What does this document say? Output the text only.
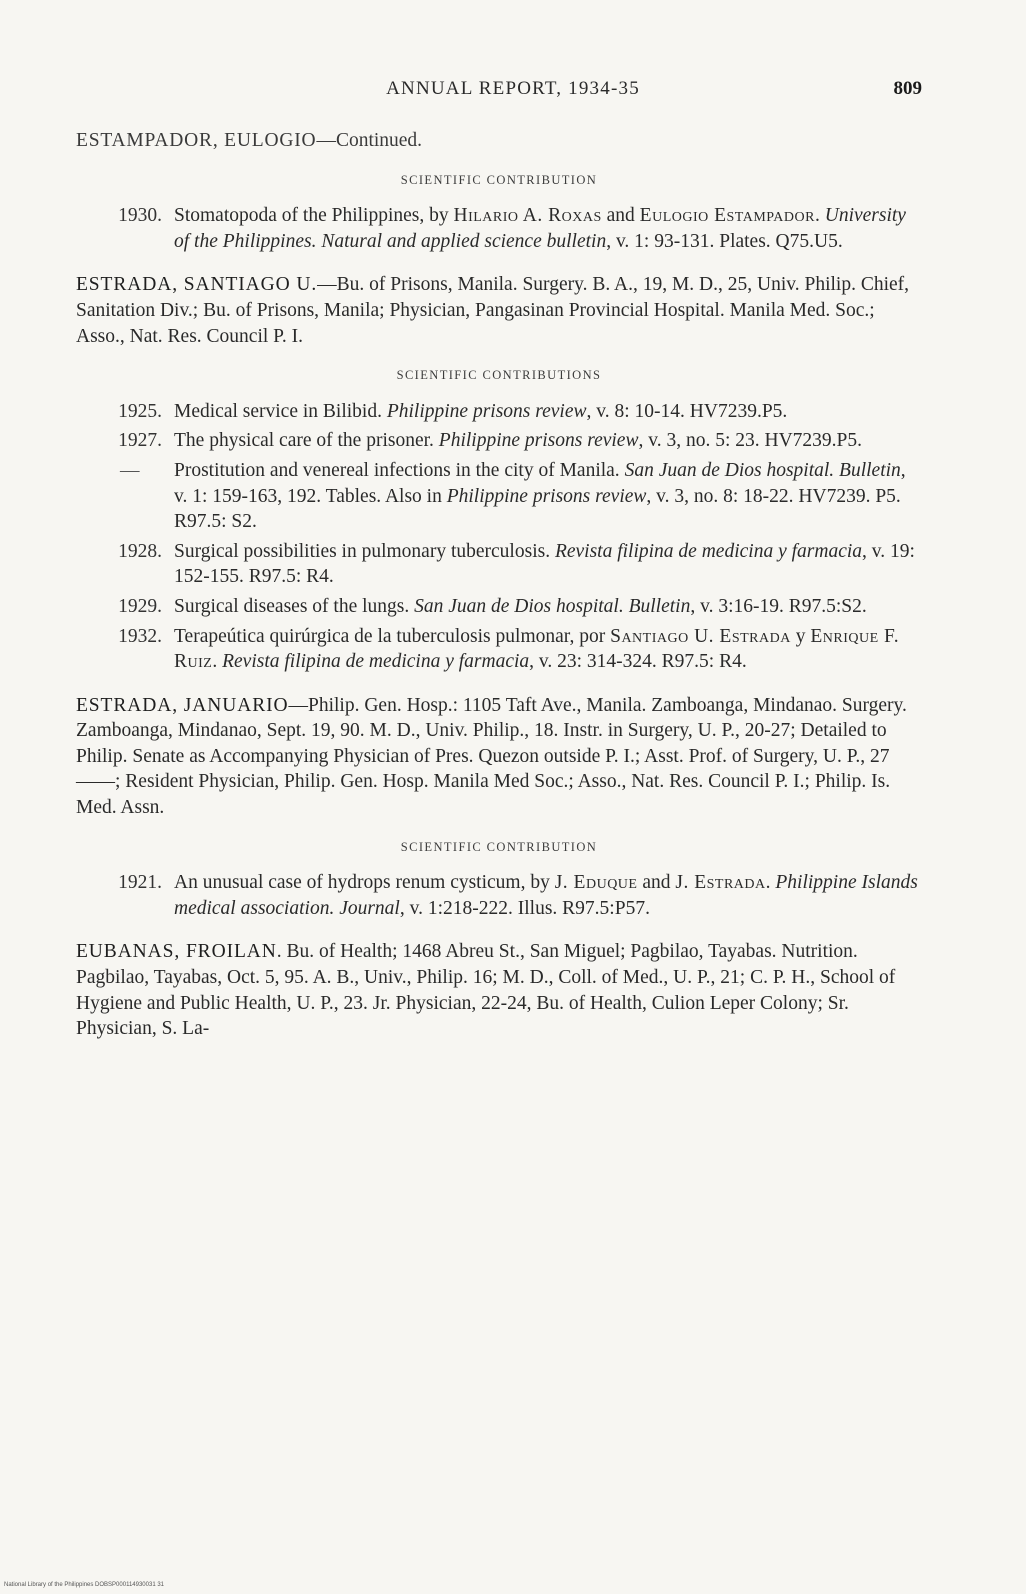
ANNUAL REPORT, 1934-35	809

ESTAMPADOR, EULOGIO—Continued.

SCIENTIFIC CONTRIBUTION
1930. Stomatopoda of the Philippines, by Hilario A. Roxas and Eulogio Estampador. University of the Philippines. Natural and applied science bulletin, v. 1: 93-131. Plates. Q75.U5.

ESTRADA, SANTIAGO U.—Bu. of Prisons, Manila. Surgery. B. A., 19, M. D., 25, Univ. Philip. Chief, Sanitation Div.; Bu. of Prisons, Manila; Physician, Pangasinan Provincial Hospital. Manila Med. Soc.; Asso., Nat. Res. Council P. I.

SCIENTIFIC CONTRIBUTIONS
1925. Medical service in Bilibid. Philippine prisons review, v. 8: 10-14. HV7239.P5.
1927. The physical care of the prisoner. Philippine prisons review, v. 3, no. 5: 23. HV7239.P5.
—	Prostitution and venereal infections in the city of Manila. San Juan de Dios hospital. Bulletin, v. 1: 159-163, 192. Tables. Also in Philippine prisons review, v. 3, no. 8: 18-22. HV7239. P5. R97.5: S2.
1928. Surgical possibilities in pulmonary tuberculosis. Revista filipina de medicina y farmacia, v. 19: 152-155. R97.5: R4.
1929. Surgical diseases of the lungs. San Juan de Dios hospital. Bulletin, v. 3:16-19. R97.5:S2.
1932. Terapeútica quirúrgica de la tuberculosis pulmonar, por Santiago U. Estrada y Enrique F. Ruiz. Revista filipina de medicina y farmacia, v. 23: 314-324. R97.5: R4.

ESTRADA, JANUARIO—Philip. Gen. Hosp.: 1105 Taft Ave., Manila. Zamboanga, Mindanao. Surgery. Zamboanga, Mindanao, Sept. 19, 90. M. D., Univ. Philip., 18. Instr. in Surgery, U. P., 20-27; Detailed to Philip. Senate as Accompanying Physician of Pres. Quezon outside P. I.; Asst. Prof. of Surgery, U. P., 27 ——; Resident Physician, Philip. Gen. Hosp. Manila Med Soc.; Asso., Nat. Res. Council P. I.; Philip. Is. Med. Assn.

SCIENTIFIC CONTRIBUTION
1921. An unusual case of hydrops renum cysticum, by J. Eduque and J. Estrada. Philippine Islands medical association. Journal, v. 1:218-222. Illus. R97.5:P57.

EUBANAS, FROILAN. Bu. of Health; 1468 Abreu St., San Miguel; Pagbilao, Tayabas. Nutrition. Pagbilao, Tayabas, Oct. 5, 95. A. B., Univ., Philip. 16; M. D., Coll. of Med., U. P., 21; C. P. H., School of Hygiene and Public Health, U. P., 23. Jr. Physician, 22-24, Bu. of Health, Culion Leper Colony; Sr. Physician, S. La-

National Library of the Philippines DOBSP000114930031 31
